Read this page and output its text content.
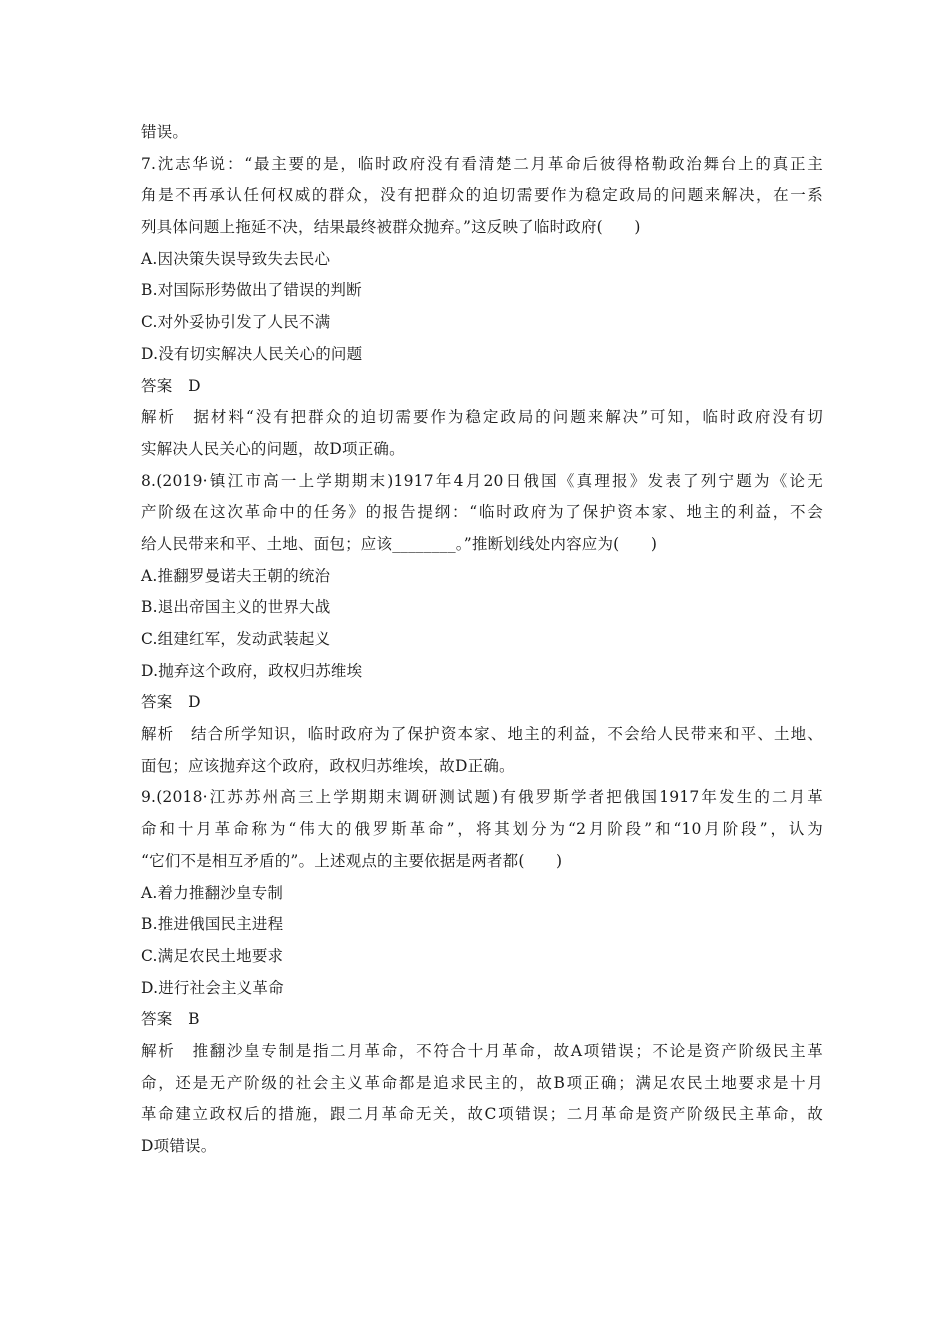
错误。
7.沈志华说：“最主要的是，临时政府没有看清楚二月革命后彼得格勒政治舞台上的真正主
角是不再承认任何权威的群众，没有把群众的迫切需要作为稳定政局的问题来解决，在一系
列具体问题上拖延不决，结果最终被群众抛弃。”这反映了临时政府(　　)
A.因决策失误导致失去民心
B.对国际形势做出了错误的判断
C.对外妥协引发了人民不满
D.没有切实解决人民关心的问题
答案　D
解析　据材料“没有把群众的迫切需要作为稳定政局的问题来解决”可知，临时政府没有切
实解决人民关心的问题，故D项正确。
8.(2019·镇江市高一上学期期末)1917年4月20日俄国《真理报》发表了列宁题为《论无
产阶级在这次革命中的任务》的报告提纲：“临时政府为了保护资本家、地主的利益，不会
给人民带来和平、土地、面包；应该________。”推断划线处内容应为(　　)
A.推翻罗曼诺夫王朝的统治
B.退出帝国主义的世界大战
C.组建红军，发动武装起义
D.抛弃这个政府，政权归苏维埃
答案　D
解析　结合所学知识，临时政府为了保护资本家、地主的利益，不会给人民带来和平、土地、
面包；应该抛弃这个政府，政权归苏维埃，故D正确。
9.(2018·江苏苏州高三上学期期末调研测试题)有俄罗斯学者把俄国1917年发生的二月革
命和十月革命称为“伟大的俄罗斯革命”，将其划分为“2月阶段”和“10月阶段”，认为
“它们不是相互矛盾的”。上述观点的主要依据是两者都(　　)
A.着力推翻沙皇专制
B.推进俄国民主进程
C.满足农民土地要求
D.进行社会主义革命
答案　B
解析　推翻沙皇专制是指二月革命，不符合十月革命，故A项错误；不论是资产阶级民主革
命，还是无产阶级的社会主义革命都是追求民主的，故B项正确；满足农民土地要求是十月
革命建立政权后的措施，跟二月革命无关，故C项错误；二月革命是资产阶级民主革命，故
D项错误。
